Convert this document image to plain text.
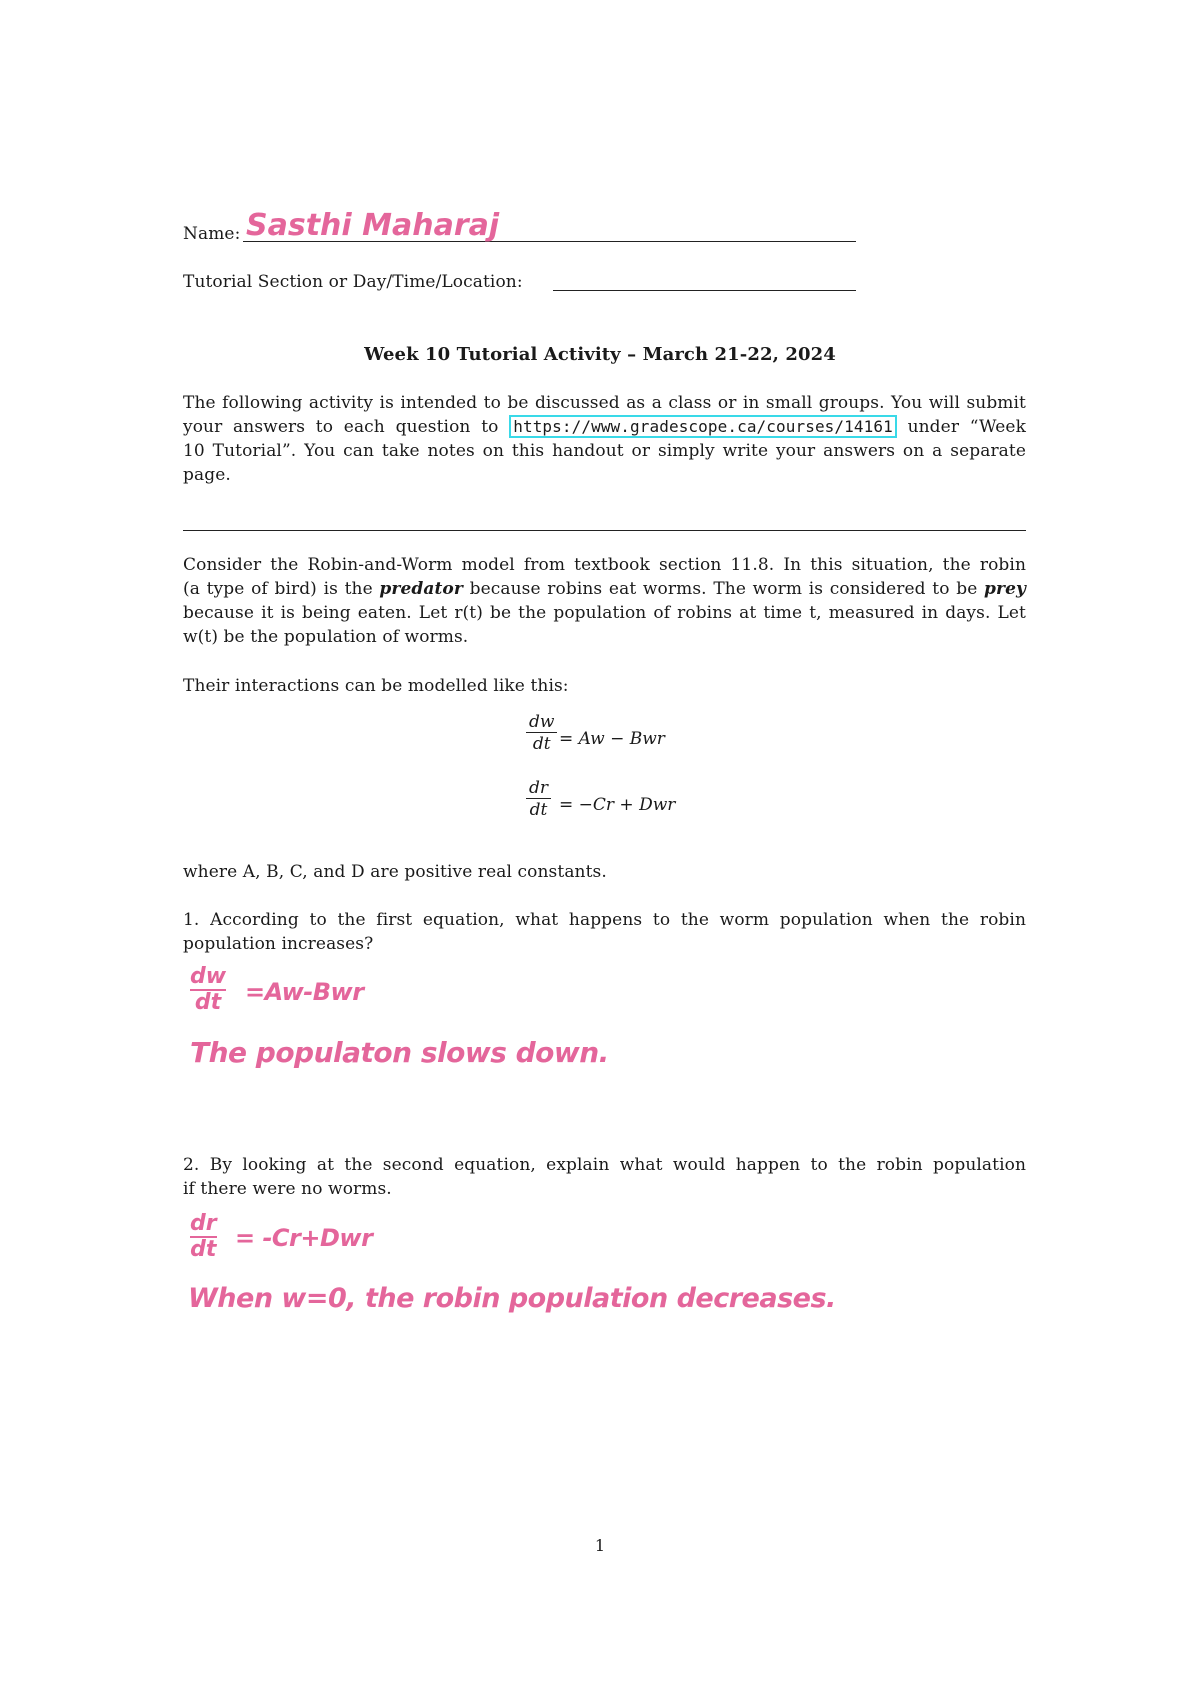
Name: Sasthi Maharaj
Tutorial Section or Day/Time/Location:
Week 10 Tutorial Activity – March 21-22, 2024
The following activity is intended to be discussed as a class or in small groups. You will submit
your answers to each question to https://www.gradescope.ca/courses/14161 under “Week
10 Tutorial”. You can take notes on this handout or simply write your answers on a separate
page.
Consider the Robin-and-Worm model from textbook section 11.8. In this situation, the robin
(a type of bird) is the predator because robins eat worms. The worm is considered to be prey
because it is being eaten. Let r(t) be the population of robins at time t, measured in days. Let
w(t) be the population of worms.
Their interactions can be modelled like this:
dw
dt = Aw − Bwr
dr
dt = −Cr + Dwr
where A, B, C, and D are positive real constants.
1. According to the first equation, what happens to the worm population when the robin
population increases?
dw
dt =Aw-Bwr
The populaton slows down.
2. By looking at the second equation, explain what would happen to the robin population
if there were no worms.
dr
dt = -Cr+Dwr
When w=0, the robin population decreases.
1
